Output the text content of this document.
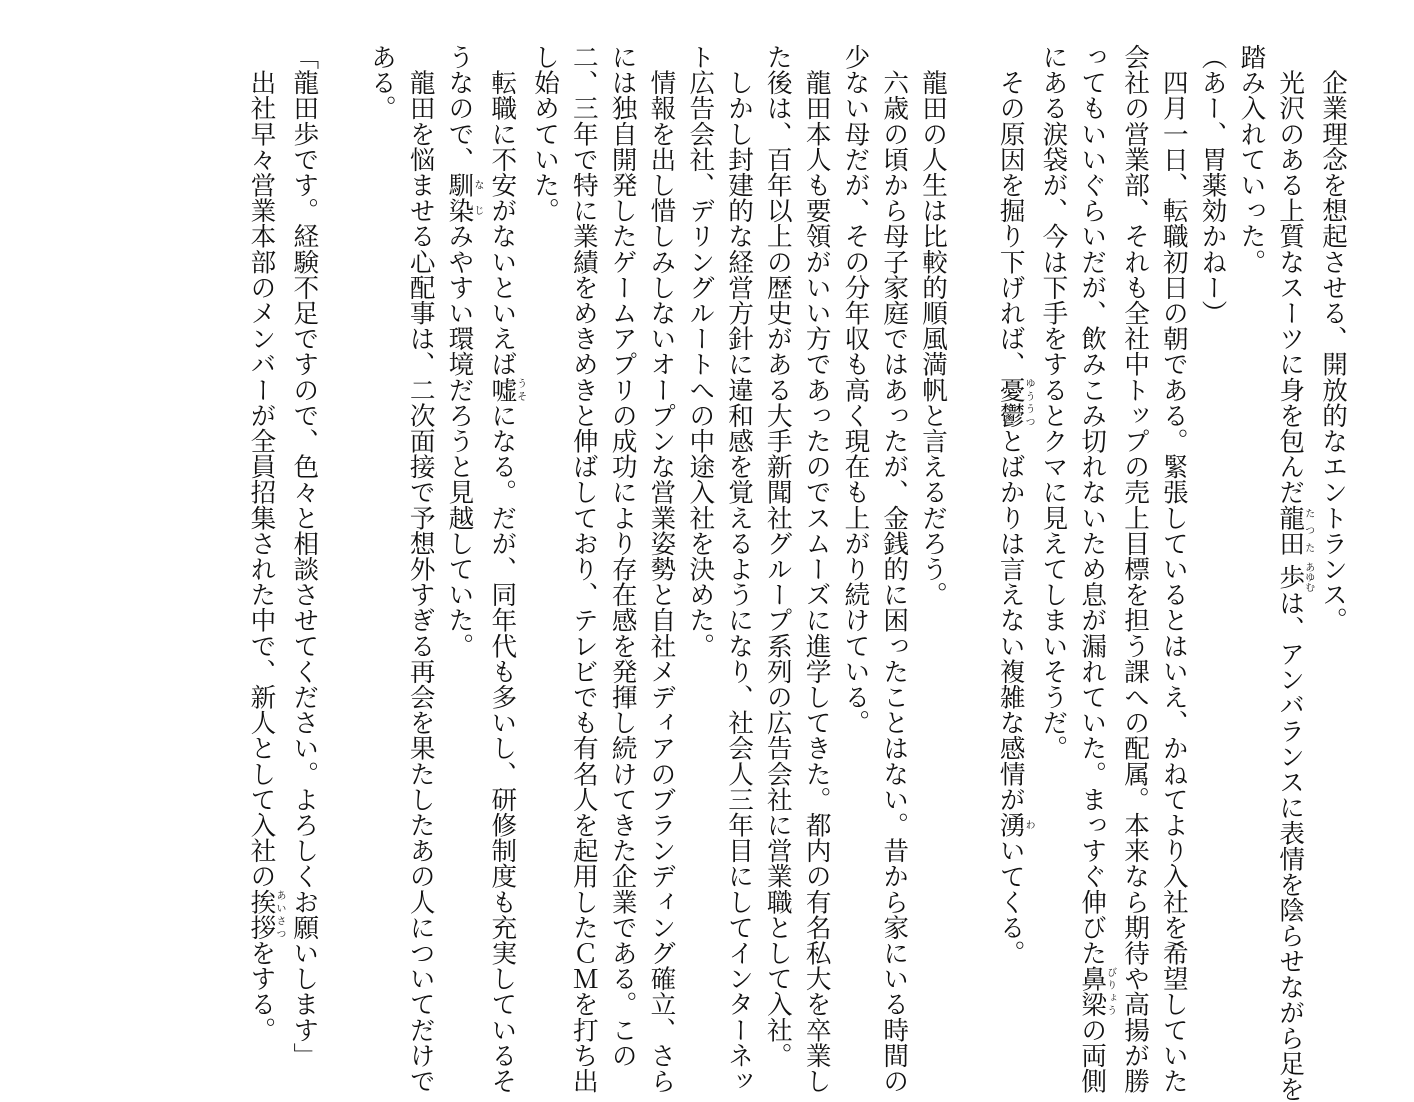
　企業理念を想起させる、開放的なエントランス。
　光沢のある上質なスーツに身を包んだ龍田たつた 歩あゆむは、アンバランスに表情を陰らせながら足を
踏み入れていった。
（あー、胃薬効かねー）
　四月一日、転職初日の朝である。緊張しているとはいえ、かねてより入社を希望していた
会社の営業部、それも全社中トップの売上目標を担う課への配属。本来なら期待や高揚が勝
ってもいいぐらいだが、飲みこみ切れないため息が漏れていた。まっすぐ伸びた鼻梁びりょうの両側
にある涙袋が、今は下手をするとクマに見えてしまいそうだ。
　その原因を掘り下げれば、憂鬱ゆううつとばかりは言えない複雑な感情が湧わいてくる。

　龍田の人生は比較的順風満帆と言えるだろう。
　六歳の頃から母子家庭ではあったが、金銭的に困ったことはない。昔から家にいる時間の
少ない母だが、その分年収も高く現在も上がり続けている。
　龍田本人も要領がいい方であったのでスムーズに進学してきた。都内の有名私大を卒業し
た後は、百年以上の歴史がある大手新聞社グループ系列の広告会社に営業職として入社。
　しかし封建的な経営方針に違和感を覚えるようになり、社会人三年目にしてインターネッ
ト広告会社、デリングルートへの中途入社を決めた。
　情報を出し惜しみしないオープンな営業姿勢と自社メディアのブランディング確立、さら
には独自開発したゲームアプリの成功により存在感を発揮し続けてきた企業である。この
二、三年で特に業績をめきめきと伸ばしており、テレビでも有名人を起用したＣＭを打ち出
し始めていた。
　転職に不安がないといえば嘘うそになる。だが、同年代も多いし、研修制度も充実しているそ
うなので、馴染なじみやすい環境だろうと見越していた。
　龍田を悩ませる心配事は、二次面接で予想外すぎる再会を果たしたあの人についてだけで
ある。

「龍田歩です。経験不足ですので、色々と相談させてください。よろしくお願いします」
　出社早々営業本部のメンバーが全員招集された中で、新人として入社の挨拶あいさつをする。
